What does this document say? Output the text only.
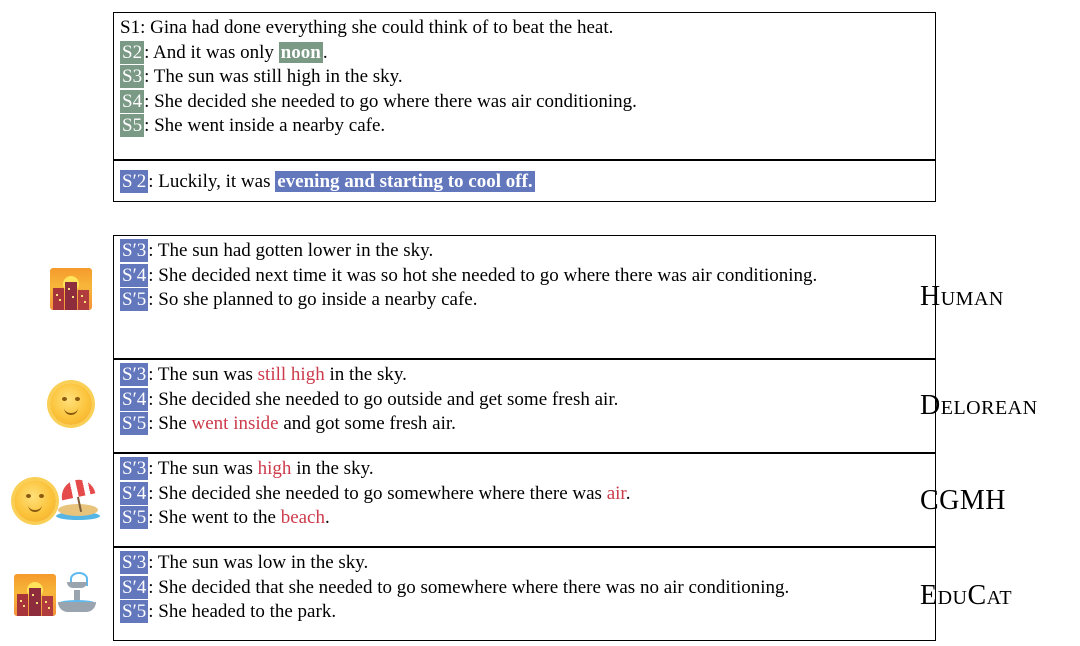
S1: Gina had done everything she could think of to beat the heat.
S2 : And it was only noon .
S3 : The sun was still high in the sky.
S4 : She decided she needed to go where there was air conditioning.
S5 : She went inside a nearby cafe.
S′2 : Luckily, it was evening and starting to cool off.
S′3 : The sun had gotten lower in the sky.
S′4 : She decided next time it was so hot she needed to go where there was air conditioning.
S′5 : So she planned to go inside a nearby cafe.
S′3 : The sun was still high in the sky.
S′4 : She decided she needed to go outside and get some fresh air.
S′5 : She went inside and got some fresh air.
S′3 : The sun was high in the sky.
S′4 : She decided she needed to go somewhere where there was air.
S′5 : She went to the beach.
S′3 : The sun was low in the sky.
S′4 : She decided that she needed to go somewhere where there was no air conditioning.
S′5 : She headed to the park.
Human
Delorean
CGMH
EduCat
